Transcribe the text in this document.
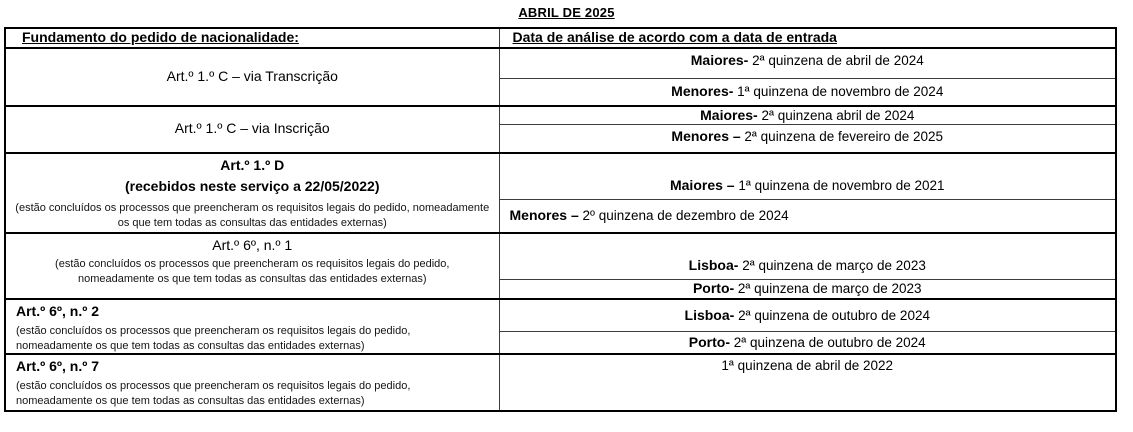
ABRIL DE 2025
Fundamento do pedido de nacionalidade:	Data de análise de acordo com a data de entrada

Art.º 1.º C – via Transcrição	Maiores- 2ª quinzena de abril de 2024
	Menores- 1ª quinzena de novembro de 2024

Art.º 1.º C – via Inscrição	Maiores- 2ª quinzena abril de 2024
	Menores – 2ª quinzena de fevereiro de 2025

Art.º 1.º D
(recebidos neste serviço a 22/05/2022)
(estão concluídos os processos que preencheram os requisitos legais do pedido, nomeadamente
os que tem todas as consultas das entidades externas)	Maiores – 1ª quinzena de novembro de 2021
	Menores – 2º quinzena de dezembro de 2024

Art.º 6º, n.º 1
(estão concluídos os processos que preencheram os requisitos legais do pedido,
nomeadamente os que tem todas as consultas das entidades externas)	Lisboa- 2ª quinzena de março de 2023
	Porto- 2ª quinzena de março de 2023

Art.º 6º, n.º 2
(estão concluídos os processos que preencheram os requisitos legais do pedido,
nomeadamente os que tem todas as consultas das entidades externas)	Lisboa- 2ª quinzena de outubro de 2024
	Porto- 2ª quinzena de outubro de 2024

Art.º 6º, n.º 7
(estão concluídos os processos que preencheram os requisitos legais do pedido,
nomeadamente os que tem todas as consultas das entidades externas)	1ª quinzena de abril de 2022
